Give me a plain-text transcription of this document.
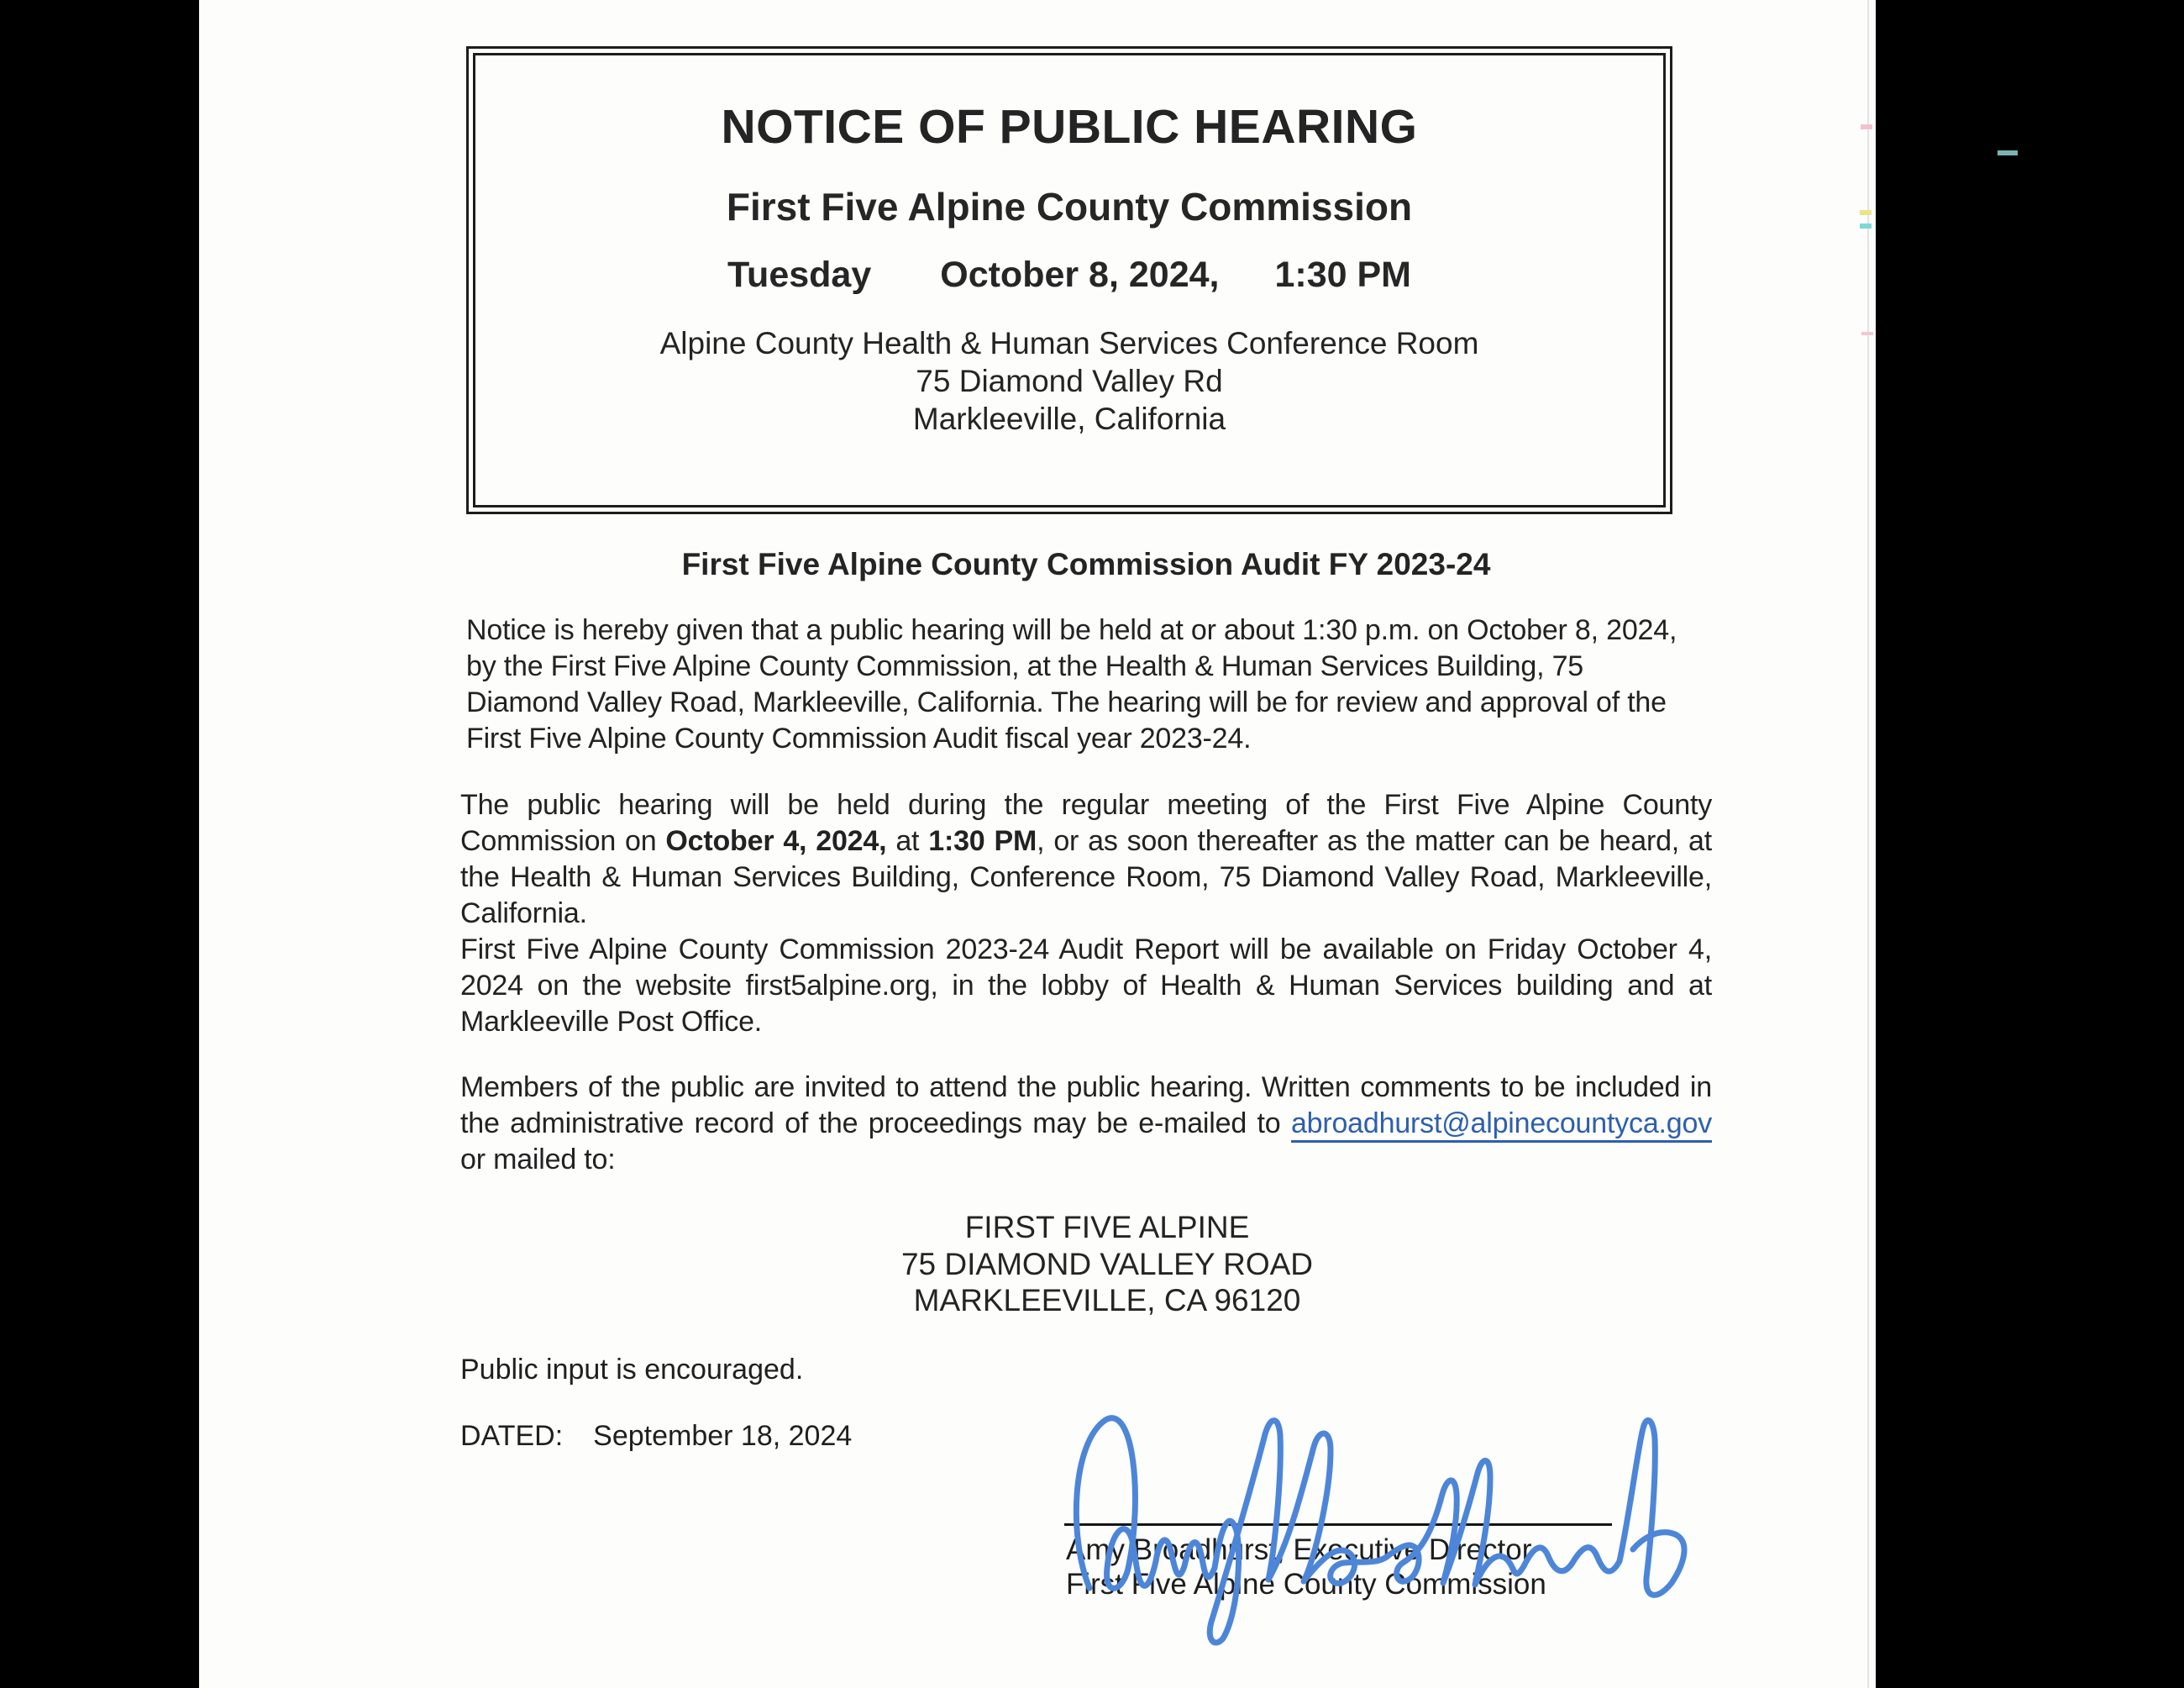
NOTICE OF PUBLIC HEARING
First Five Alpine County Commission
Tuesday October 8, 2024, 1:30 PM
Alpine County Health & Human Services Conference Room
75 Diamond Valley Rd
Markleeville, California
First Five Alpine County Commission Audit FY 2023-24
Notice is hereby given that a public hearing will be held at or about 1:30 p.m. on October 8, 2024, by the First Five Alpine County Commission, at the Health & Human Services Building, 75 Diamond Valley Road, Markleeville, California. The hearing will be for review and approval of the First Five Alpine County Commission Audit fiscal year 2023-24.

The public hearing will be held during the regular meeting of the First Five Alpine County Commission on October 4, 2024, at 1:30 PM, or as soon thereafter as the matter can be heard, at the Health & Human Services Building, Conference Room, 75 Diamond Valley Road, Markleeville, California.

First Five Alpine County Commission 2023-24 Audit Report will be available on Friday October 4, 2024 on the website first5alpine.org, in the lobby of Health & Human Services building and at Markleeville Post Office.

Members of the public are invited to attend the public hearing. Written comments to be included in the administrative record of the proceedings may be e-mailed to abroadhurst@alpinecountyca.gov or mailed to:
FIRST FIVE ALPINE
75 DIAMOND VALLEY ROAD
MARKLEEVILLE, CA 96120
Public input is encouraged.
DATED: September 18, 2024
Amy Broadhurst, Executive Director
First Five Alpine County Commission
